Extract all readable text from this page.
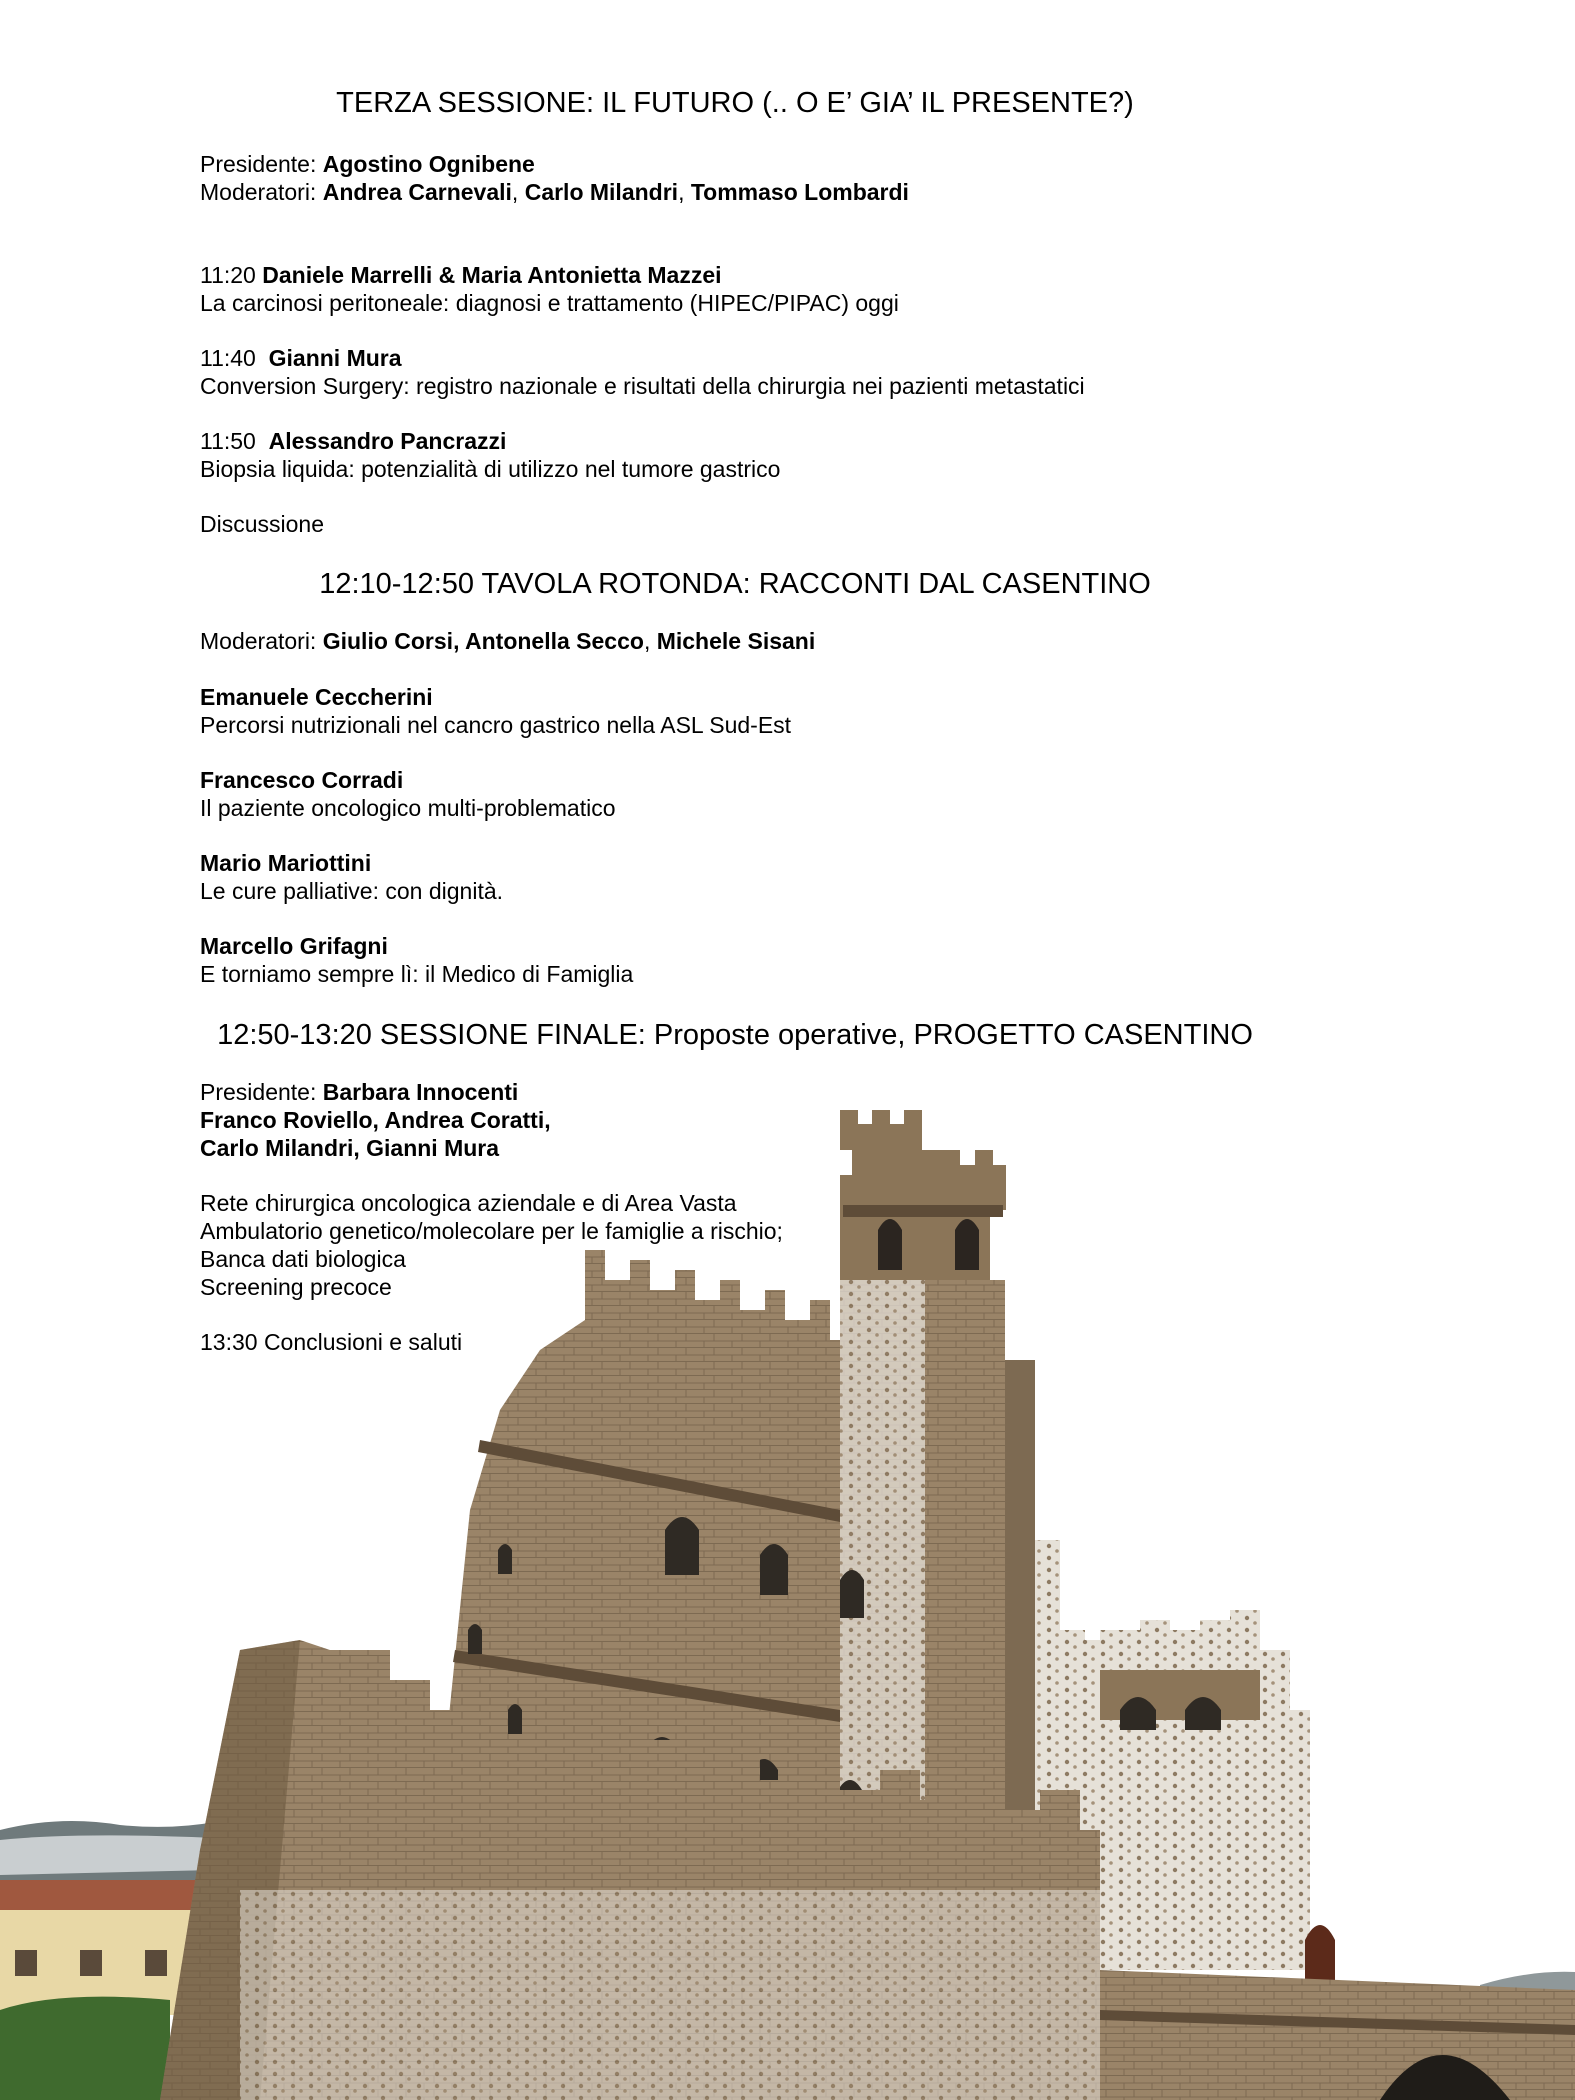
TERZA SESSIONE: IL FUTURO (.. O E’ GIA’ IL PRESENTE?)
Presidente: Agostino Ognibene
Moderatori: Andrea Carnevali, Carlo Milandri, Tommaso Lombardi
11:20 Daniele Marrelli & Maria Antonietta Mazzei
La carcinosi peritoneale: diagnosi e trattamento (HIPEC/PIPAC) oggi
11:40 Gianni Mura
Conversion Surgery: registro nazionale e risultati della chirurgia nei pazienti metastatici
11:50 Alessandro Pancrazzi
Biopsia liquida: potenzialità di utilizzo nel tumore gastrico
Discussione
12:10-12:50 TAVOLA ROTONDA: RACCONTI DAL CASENTINO
Moderatori: Giulio Corsi, Antonella Secco, Michele Sisani
Emanuele Ceccherini
Percorsi nutrizionali nel cancro gastrico nella ASL Sud-Est
Francesco Corradi
Il paziente oncologico multi-problematico
Mario Mariottini
Le cure palliative: con dignità.
Marcello Grifagni
E torniamo sempre lì: il Medico di Famiglia
12:50-13:20 SESSIONE FINALE: Proposte operative, PROGETTO CASENTINO
Presidente: Barbara Innocenti
Franco Roviello, Andrea Coratti,
Carlo Milandri, Gianni Mura
Rete chirurgica oncologica aziendale e di Area Vasta
Ambulatorio genetico/molecolare per le famiglie a rischio;
Banca dati biologica
Screening precoce
13:30 Conclusioni e saluti
